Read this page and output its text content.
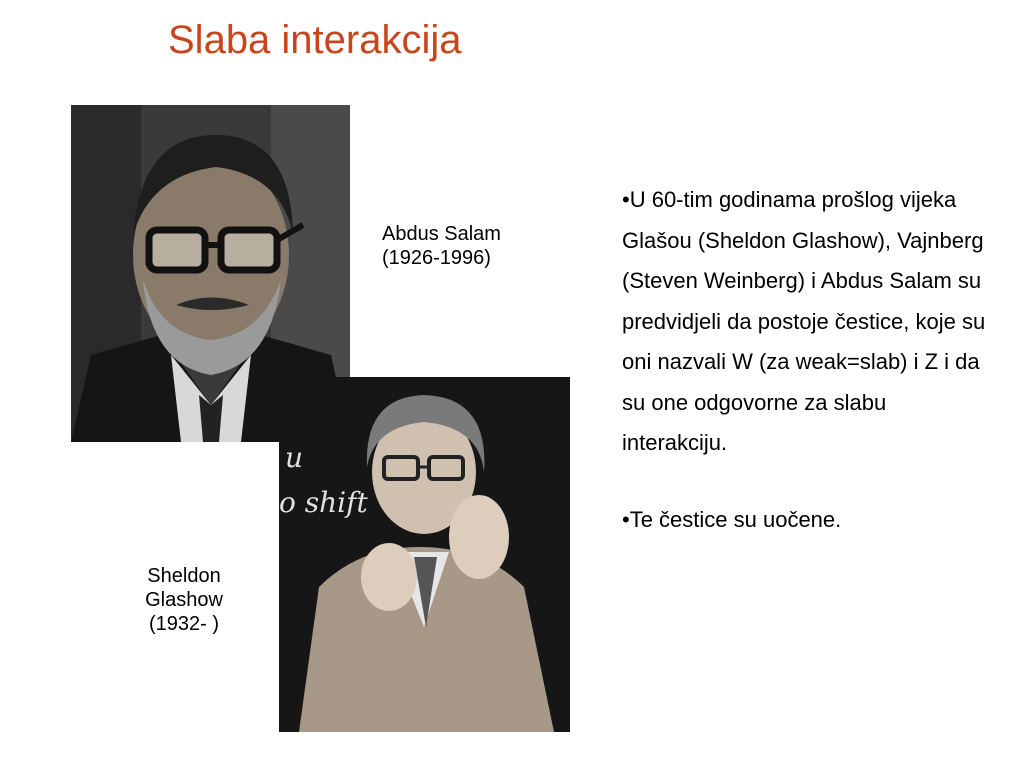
Slaba interakcija
Abdus Salam
(1926-1996)
u
o shift
Sheldon
Glashow
(1932- )

•U 60-tim godinama prošlog vijeka Glašou (Sheldon Glashow), Vajnberg (Steven Weinberg) i Abdus Salam su predvidjeli da postoje čestice, koje su oni nazvali W (za weak=slab) i Z i da su one odgovorne za slabu interakciju.

•Te čestice su uočene.
